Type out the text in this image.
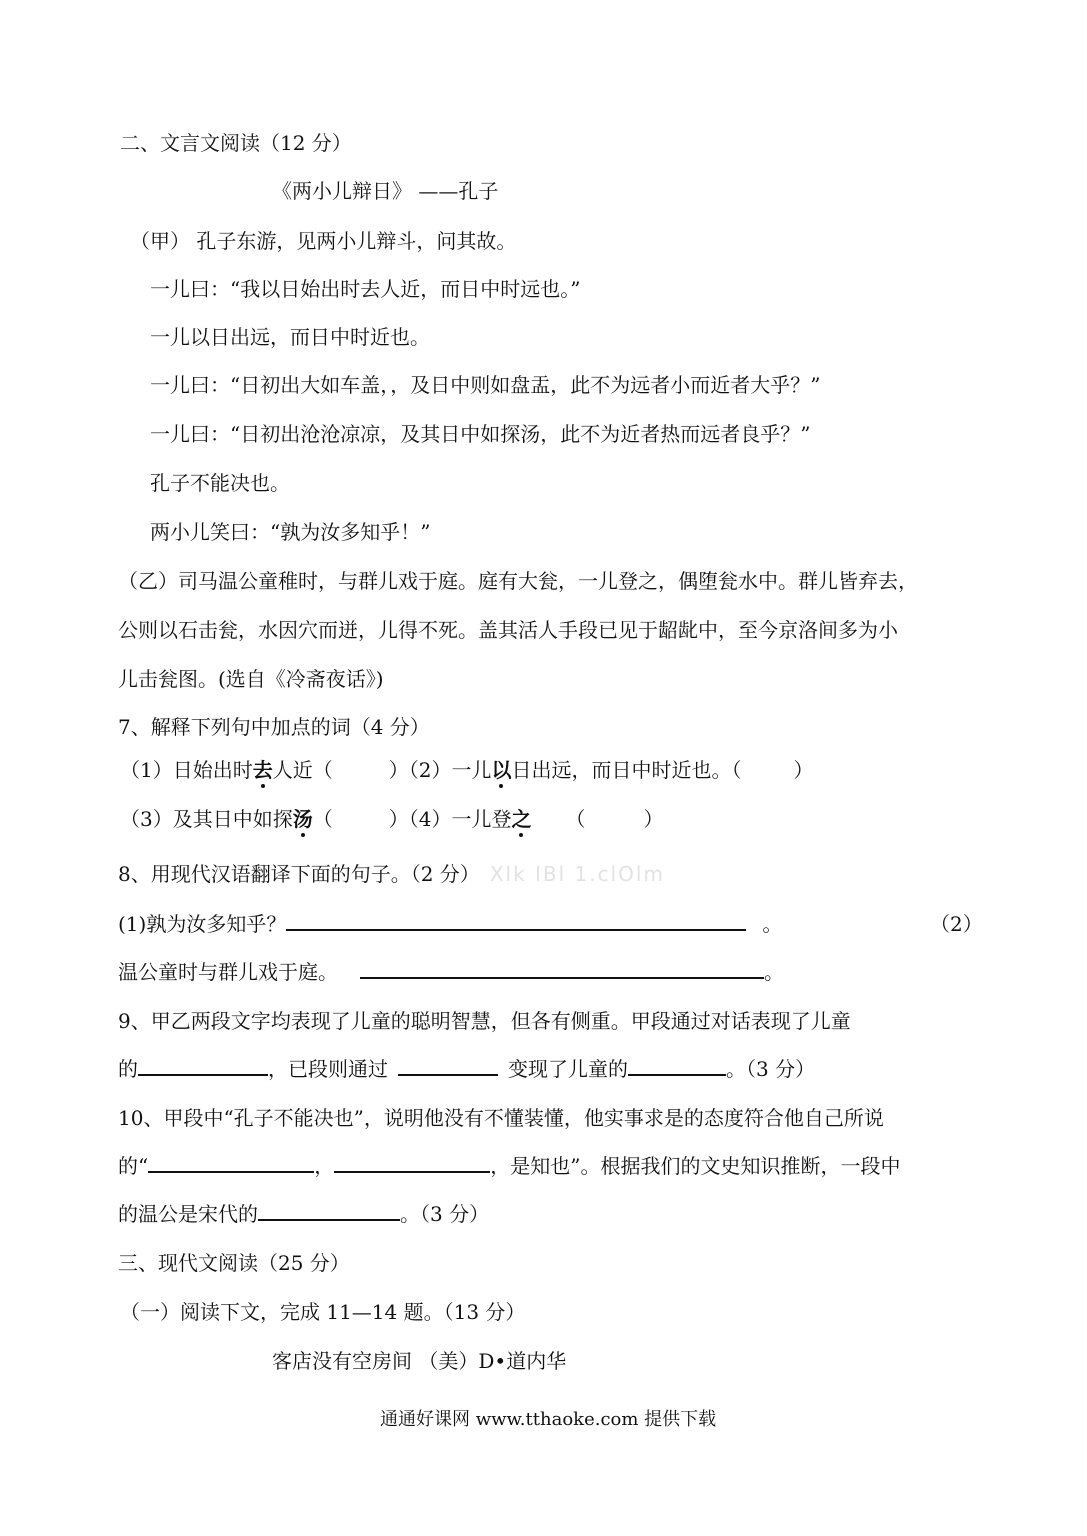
二、文言文阅读（12 分）
《两小儿辩日》 ——孔子
（甲） 孔子东游，见两小儿辩斗，问其故。
一儿曰：“我以日始出时去人近，而日中时远也。”
一儿以日出远，而日中时近也。
一儿曰：“日初出大如车盖，，及日中则如盘盂，此不为远者小而近者大乎？”
一儿曰：“日初出沧沧凉凉，及其日中如探汤，此不为近者热而远者良乎？”
孔子不能决也。
两小儿笑曰：“孰为汝多知乎！”
（乙）司马温公童稚时，与群儿戏于庭。庭有大瓮，一儿登之，偶堕瓮水中。群儿皆弃去，
公则以石击瓮，水因穴而迸，儿得不死。盖其活人手段已见于龆龀中，至今京洛间多为小
儿击瓮图。(选自《冷斋夜话》)
7、解释下列句中加点的词（4 分）
（1）日始出时去人近（	）（2）一儿以日出远，而日中时近也。（	）
（3）及其日中如探汤（	）（4）一儿登之 （	）
8、用现代汉语翻译下面的句子。（2 分） Xlk IBl 1.clOlm
(1)孰为汝多知乎？	。	（2）
温公童时与群儿戏于庭。	。
9、甲乙两段文字均表现了儿童的聪明智慧，但各有侧重。甲段通过对话表现了儿童
的	，已段则通过	变现了儿童的	。（3 分）
10、甲段中“孔子不能决也”，说明他没有不懂装懂，他实事求是的态度符合他自己所说
的“	，	，是知也”。根据我们的文史知识推断，一段中
的温公是宋代的	。（3 分）
三、现代文阅读（25 分）
（一）阅读下文，完成 11—14 题。（13 分）
客店没有空房间 （美）D•道内华
通通好课网 www.tthaoke.com 提供下载
